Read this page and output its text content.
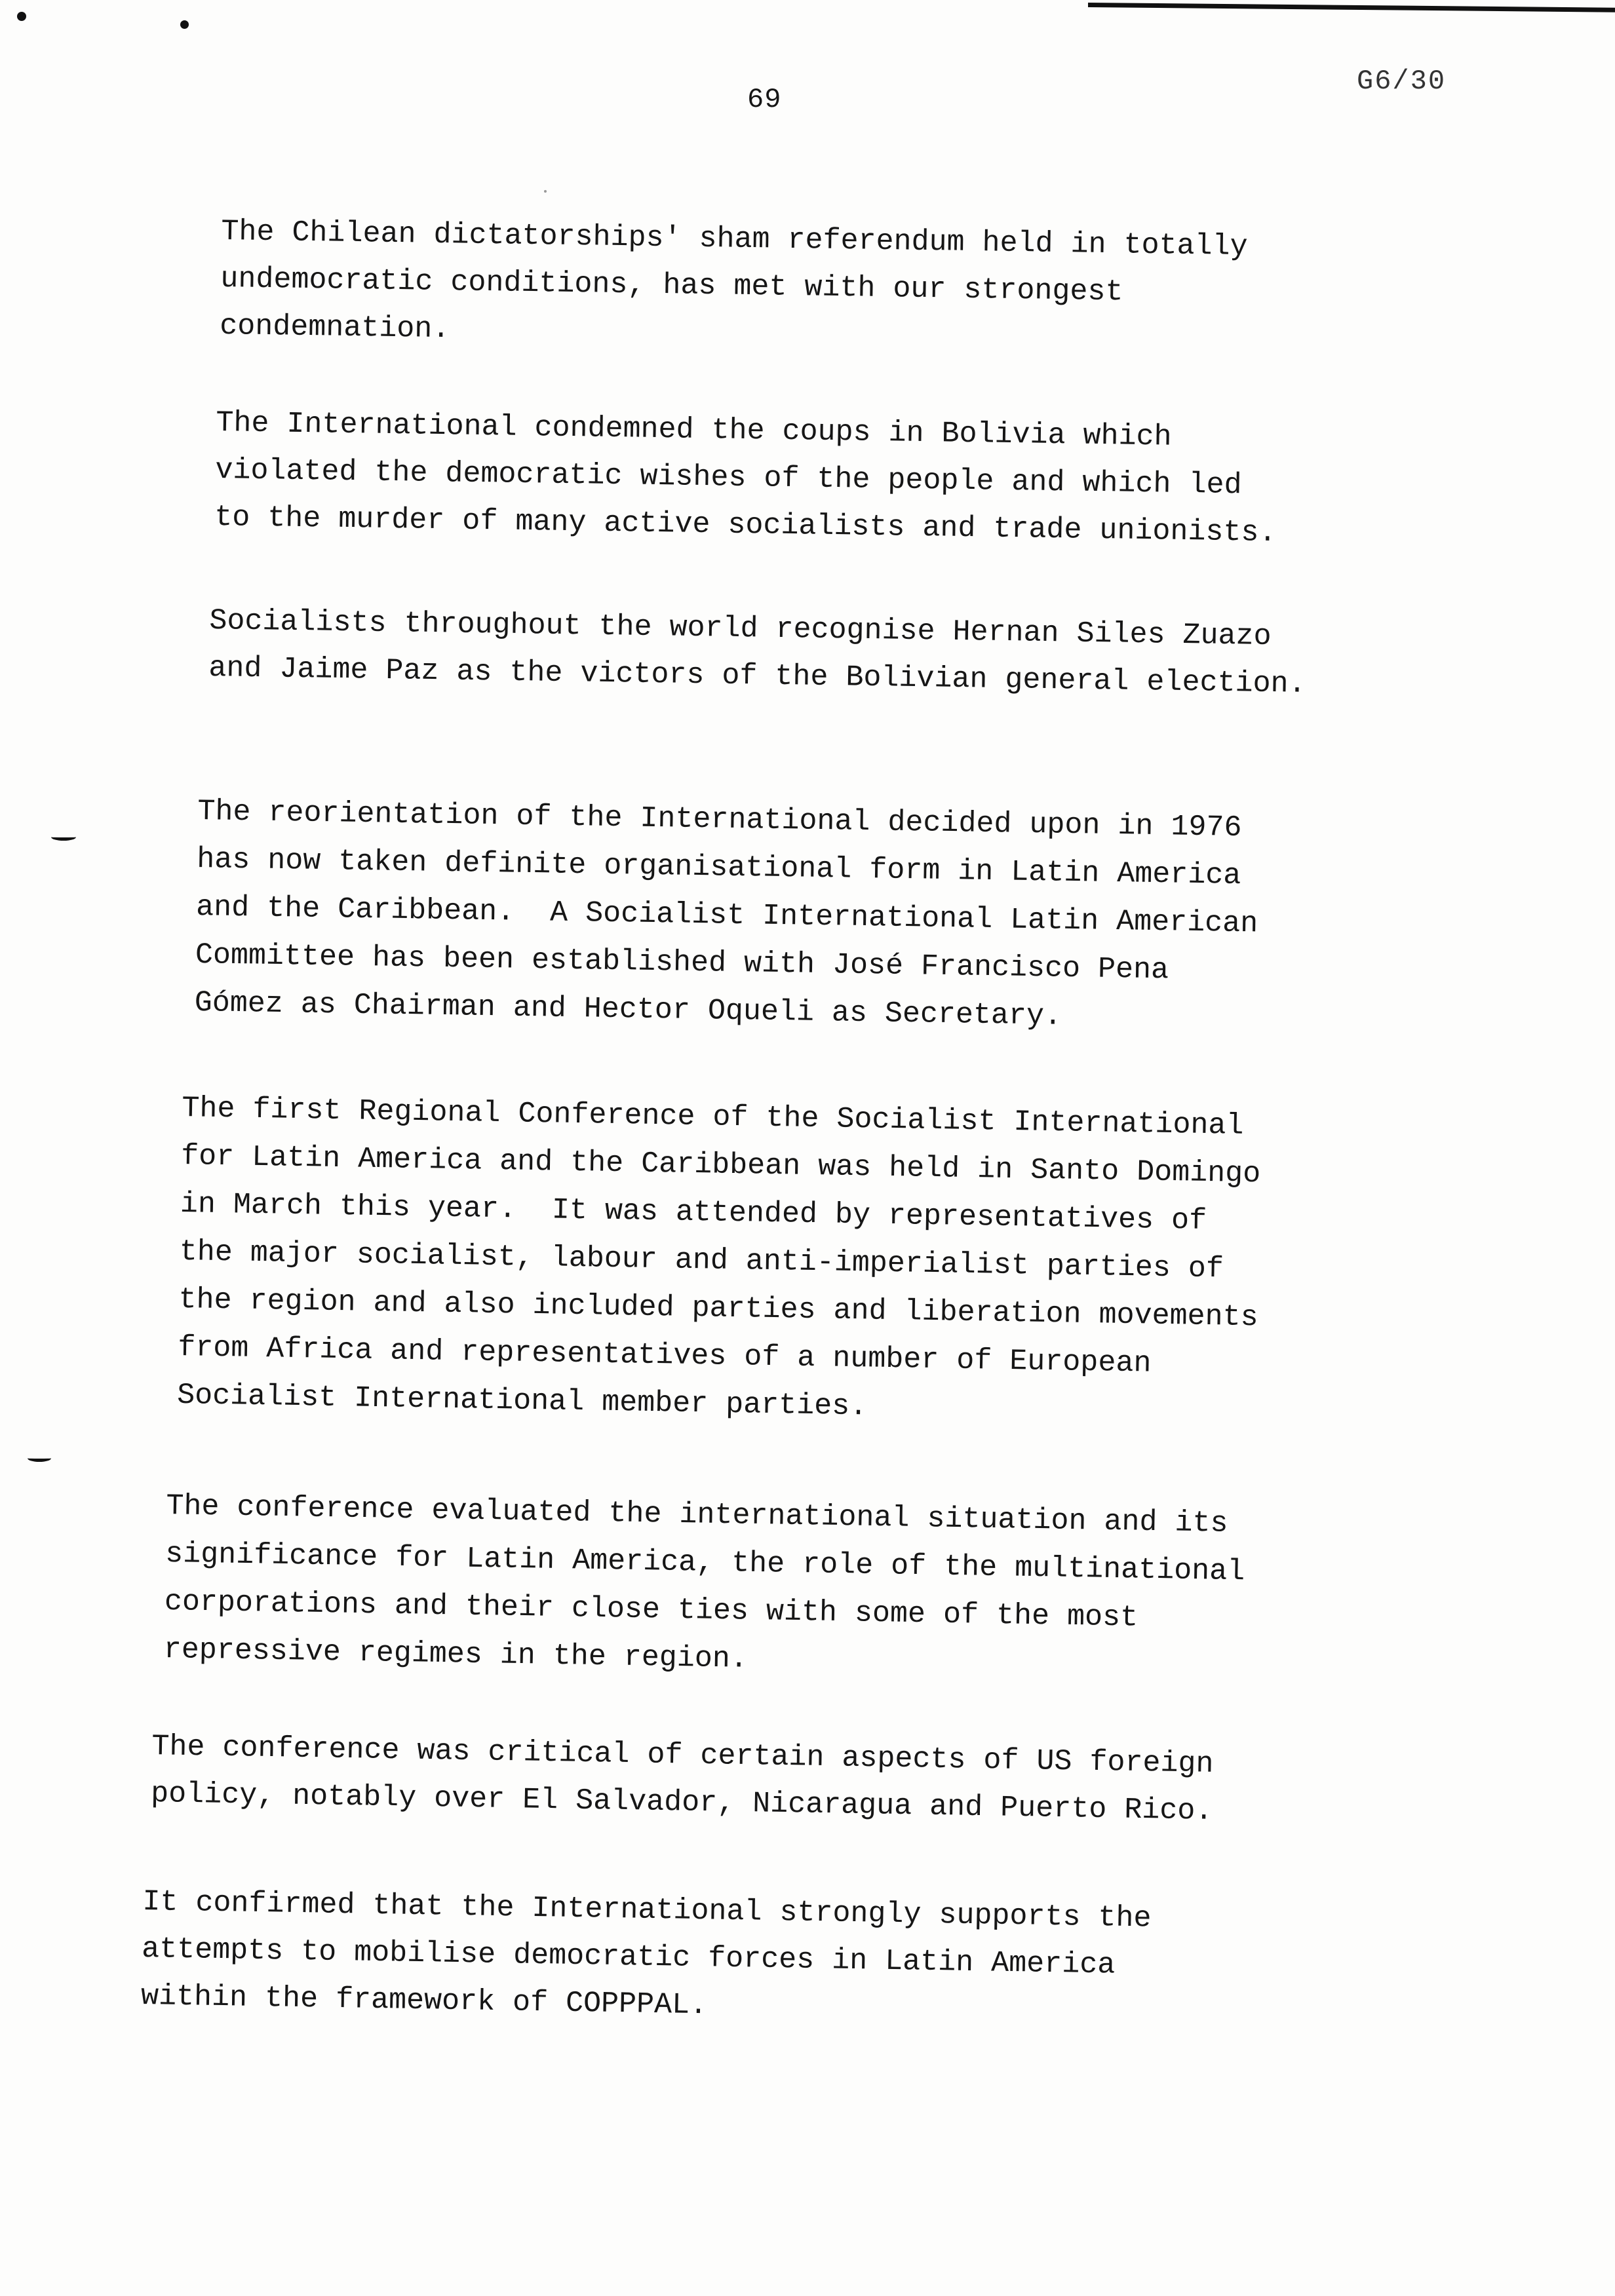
69
G6/30

The Chilean dictatorships' sham referendum held in totally
undemocratic conditions, has met with our strongest
condemnation.

The International condemned the coups in Bolivia which
violated the democratic wishes of the people and which led
to the murder of many active socialists and trade unionists.

Socialists throughout the world recognise Hernan Siles Zuazo
and Jaime Paz as the victors of the Bolivian general election.

The reorientation of the International decided upon in 1976
has now taken definite organisational form in Latin America
and the Caribbean.  A Socialist International Latin American
Committee has been established with José Francisco Pena
Gómez as Chairman and Hector Oqueli as Secretary.

The first Regional Conference of the Socialist International
for Latin America and the Caribbean was held in Santo Domingo
in March this year.  It was attended by representatives of
the major socialist, labour and anti-imperialist parties of
the region and also included parties and liberation movements
from Africa and representatives of a number of European
Socialist International member parties.

The conference evaluated the international situation and its
significance for Latin America, the role of the multinational
corporations and their close ties with some of the most
repressive regimes in the region.

The conference was critical of certain aspects of US foreign
policy, notably over El Salvador, Nicaragua and Puerto Rico.

It confirmed that the International strongly supports the
attempts to mobilise democratic forces in Latin America
within the framework of COPPPAL.
